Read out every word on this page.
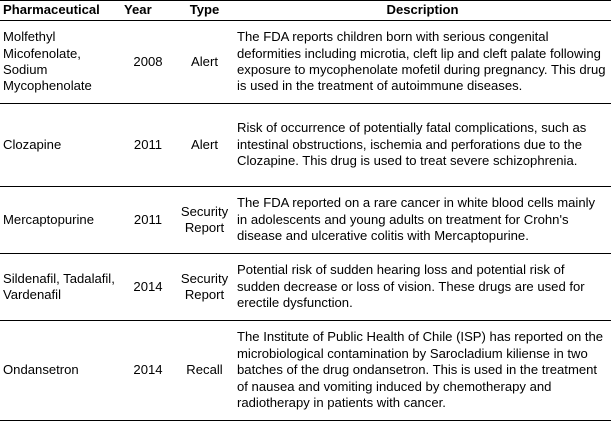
Pharmaceutical	Year	Type	Description
Molfethyl Micofenolate, Sodium Mycophenolate	2008	Alert	The FDA reports children born with serious congenital deformities including microtia, cleft lip and cleft palate following exposure to mycophenolate mofetil during pregnancy. This drug is used in the treatment of autoimmune diseases.
Clozapine	2011	Alert	Risk of occurrence of potentially fatal complications, such as intestinal obstructions, ischemia and perforations due to the Clozapine. This drug is used to treat severe schizophrenia.
Mercaptopurine	2011	Security Report	The FDA reported on a rare cancer in white blood cells mainly in adolescents and young adults on treatment for Crohn's disease and ulcerative colitis with Mercaptopurine.
Sildenafil, Tadalafil, Vardenafil	2014	Security Report	Potential risk of sudden hearing loss and potential risk of sudden decrease or loss of vision. These drugs are used for erectile dysfunction.
Ondansetron	2014	Recall	The Institute of Public Health of Chile (ISP) has reported on the microbiological contamination by Sarocladium kiliense in two batches of the drug ondansetron. This is used in the treatment of nausea and vomiting induced by chemotherapy and radiotherapy in patients with cancer.
